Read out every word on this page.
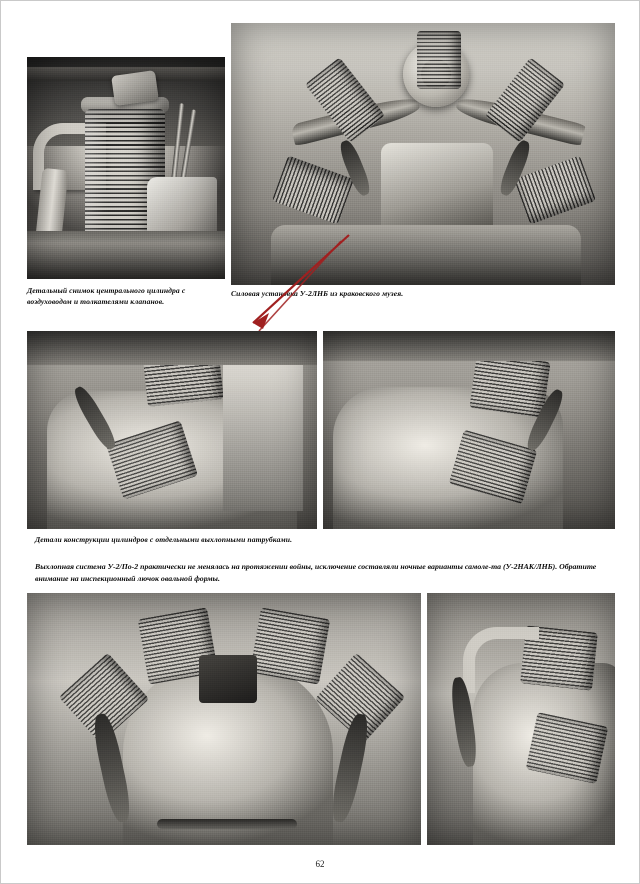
Детальный снимок центрального цилиндра с воздуховодом и толкателями клапанов.
Силовая установка У-2ЛНБ из краковского музея.
Детали конструкции цилиндров с отдельными выхлопными патрубками.
Выхлопная система У-2/По-2 практически не менялась на протяжении войны, исключение составляли ночные варианты самоле-та (У-2НАК/ЛНБ). Обратите внимание на инспекционный лючок овальной формы.
62
